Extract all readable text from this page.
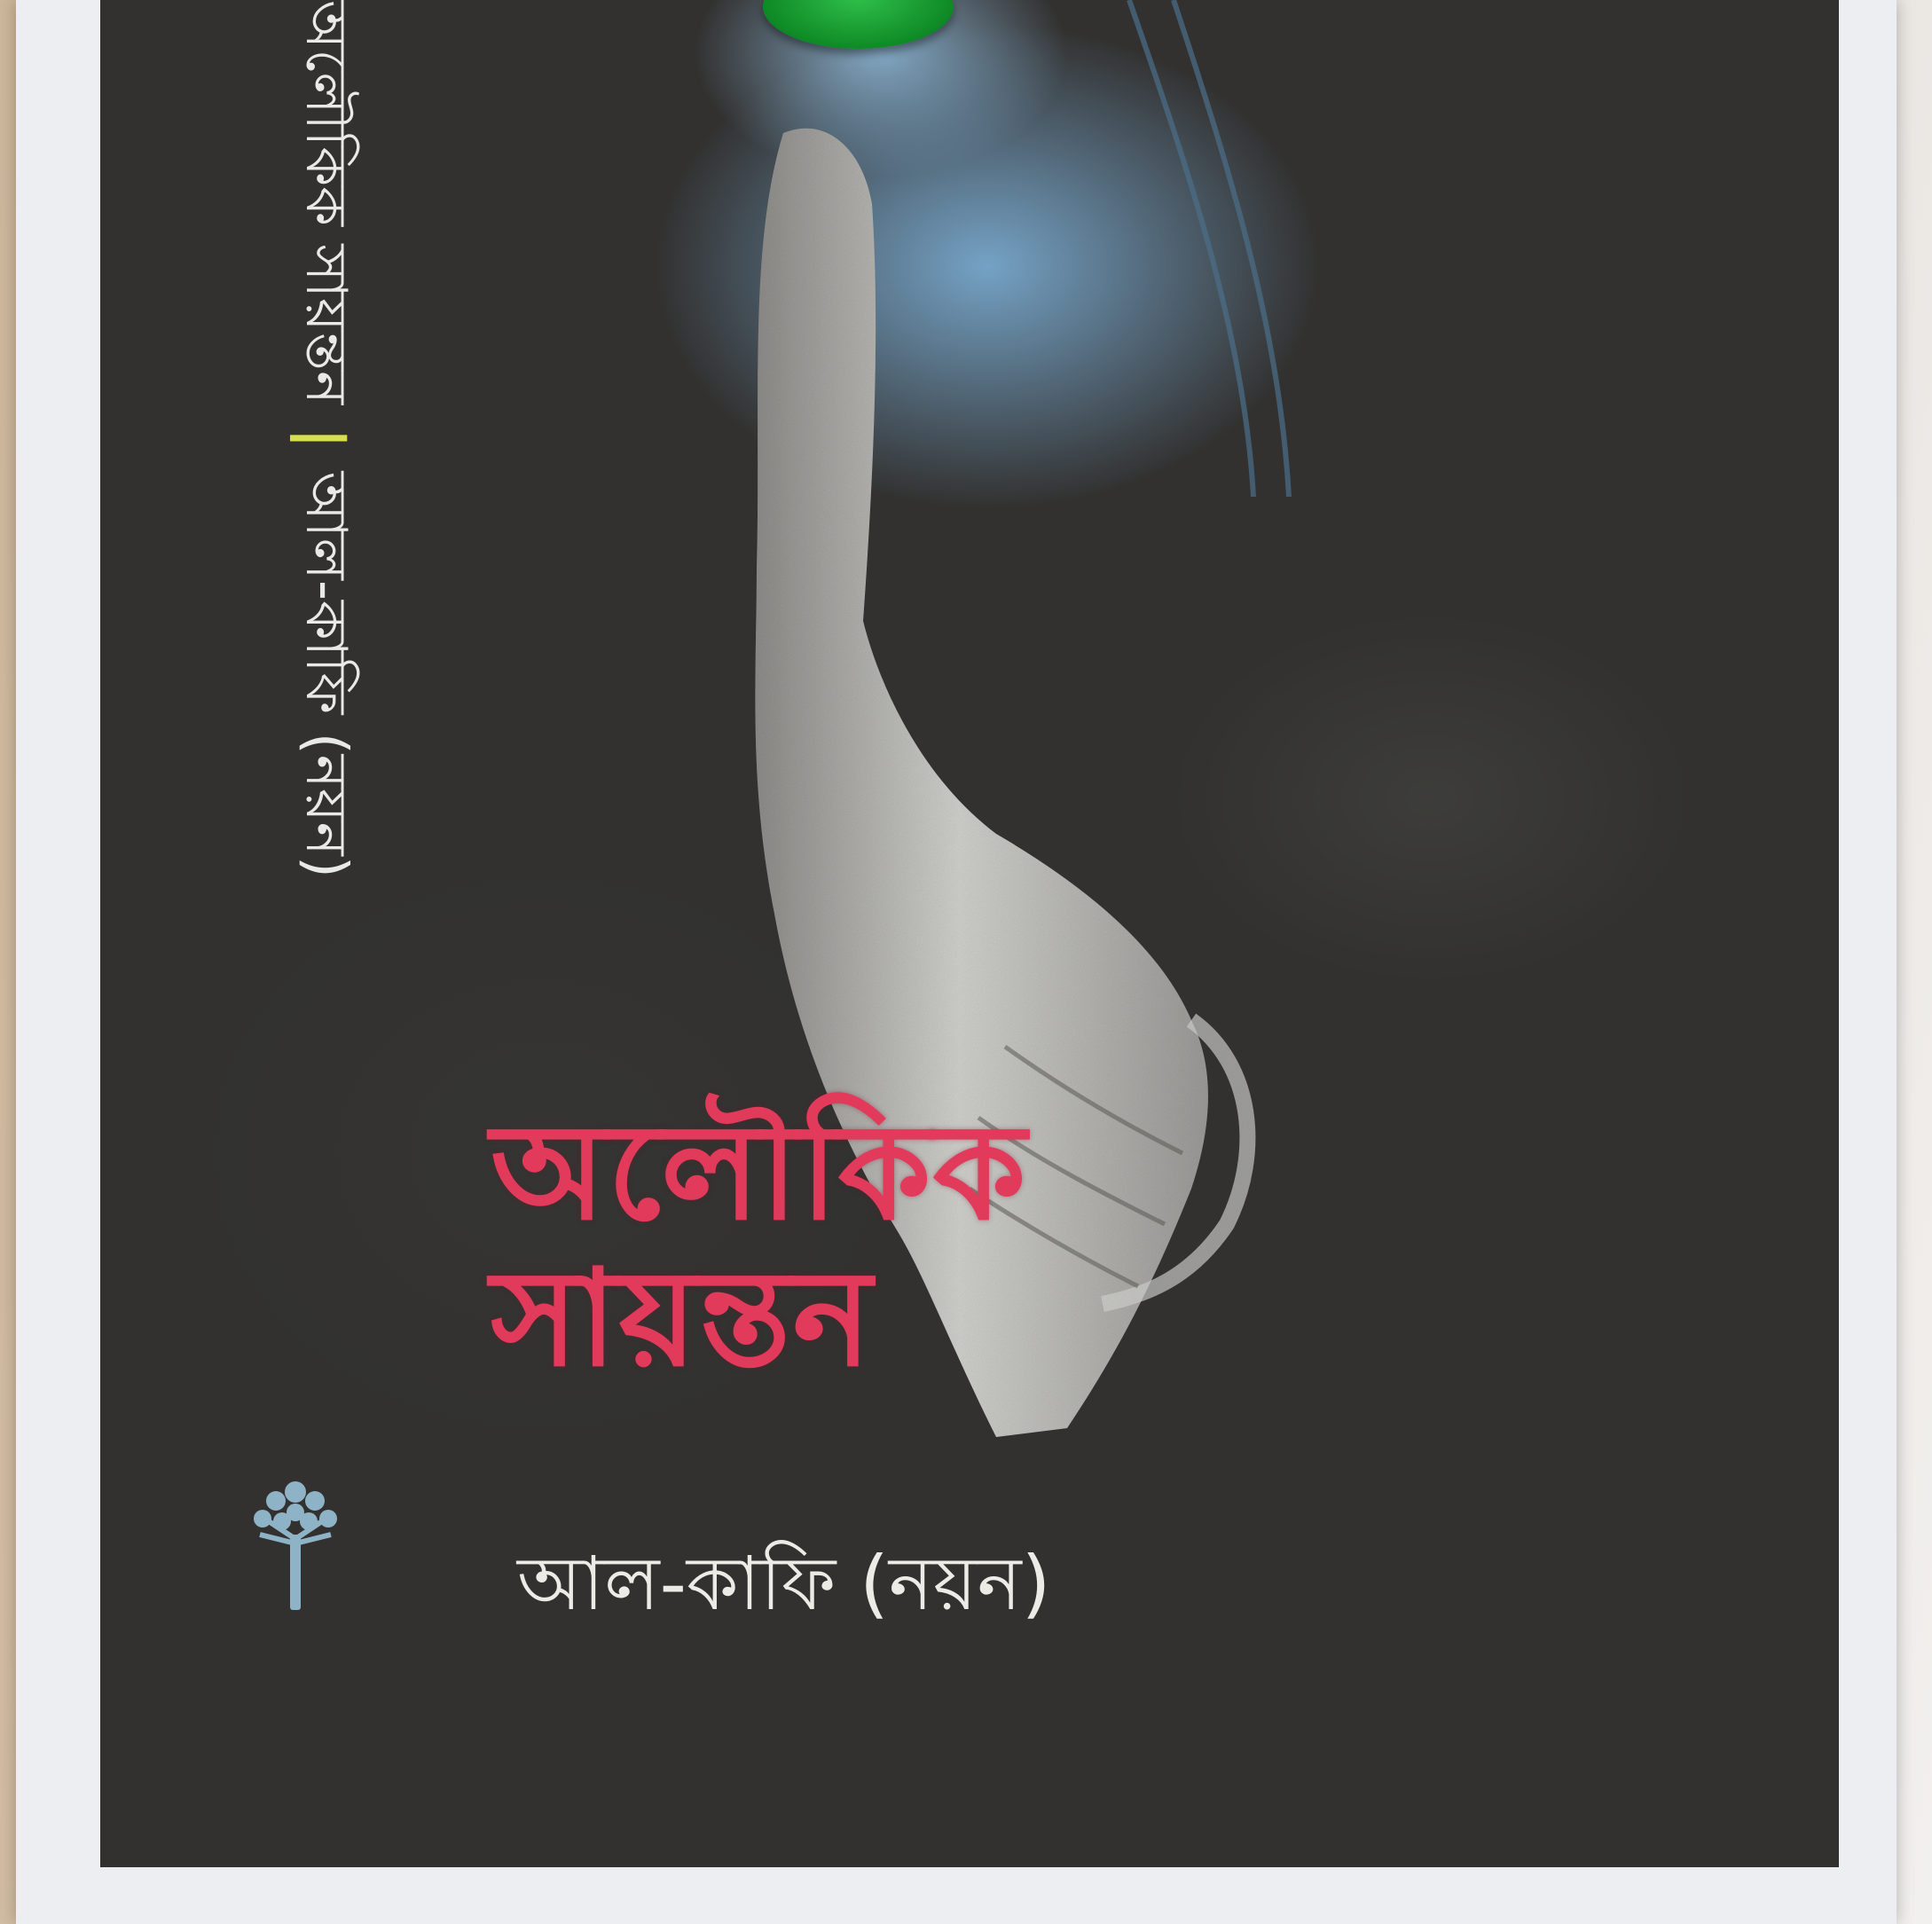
অলৌকিক সায়ন্তন
|
আল-কাফি (নয়ন)
অলৌকিক
সায়ন্তন
আল-কাফি (নয়ন)
